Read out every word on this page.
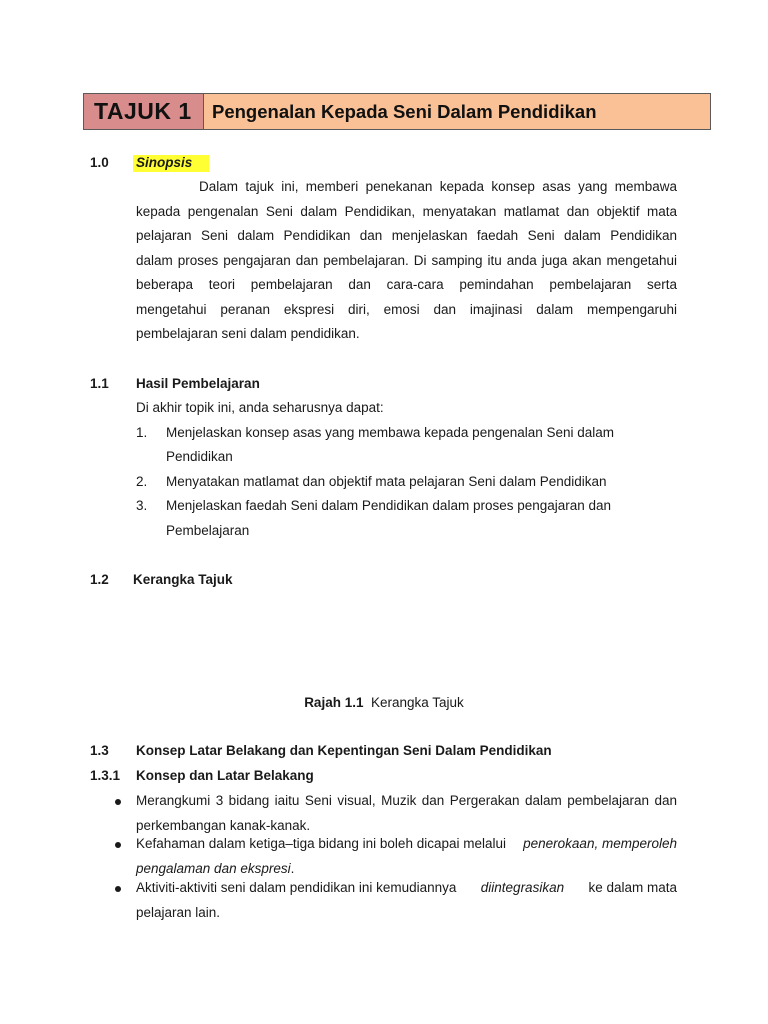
TAJUK 1	Pengenalan Kepada Seni Dalam Pendidikan
1.0 Sinopsis
Dalam tajuk ini, memberi penekanan kepada konsep asas yang membawa
kepada pengenalan Seni dalam Pendidikan, menyatakan matlamat dan objektif mata
pelajaran Seni dalam Pendidikan dan menjelaskan faedah Seni dalam Pendidikan
dalam proses pengajaran dan pembelajaran. Di samping itu anda juga akan mengetahui
beberapa teori pembelajaran dan cara-cara pemindahan pembelajaran serta
mengetahui peranan ekspresi diri, emosi dan imajinasi dalam mempengaruhi
pembelajaran seni dalam pendidikan.
1.1 Hasil Pembelajaran
Di akhir topik ini, anda seharusnya dapat:
1. Menjelaskan konsep asas yang membawa kepada pengenalan Seni dalam
Pendidikan
2. Menyatakan matlamat dan objektif mata pelajaran Seni dalam Pendidikan
3. Menjelaskan faedah Seni dalam Pendidikan dalam proses pengajaran dan
Pembelajaran
1.2 Kerangka Tajuk
Rajah 1.1 Kerangka Tajuk
1.3 Konsep Latar Belakang dan Kepentingan Seni Dalam Pendidikan
1.3.1 Konsep dan Latar Belakang
Merangkumi 3 bidang iaitu Seni visual, Muzik dan Pergerakan dalam pembelajaran dan
perkembangan kanak-kanak.
Kefahaman dalam ketiga–tiga bidang ini boleh dicapai melalui penerokaan, memperoleh
pengalaman dan ekspresi.
Aktiviti-aktiviti seni dalam pendidikan ini kemudiannya diintegrasikan ke dalam mata
pelajaran lain.
